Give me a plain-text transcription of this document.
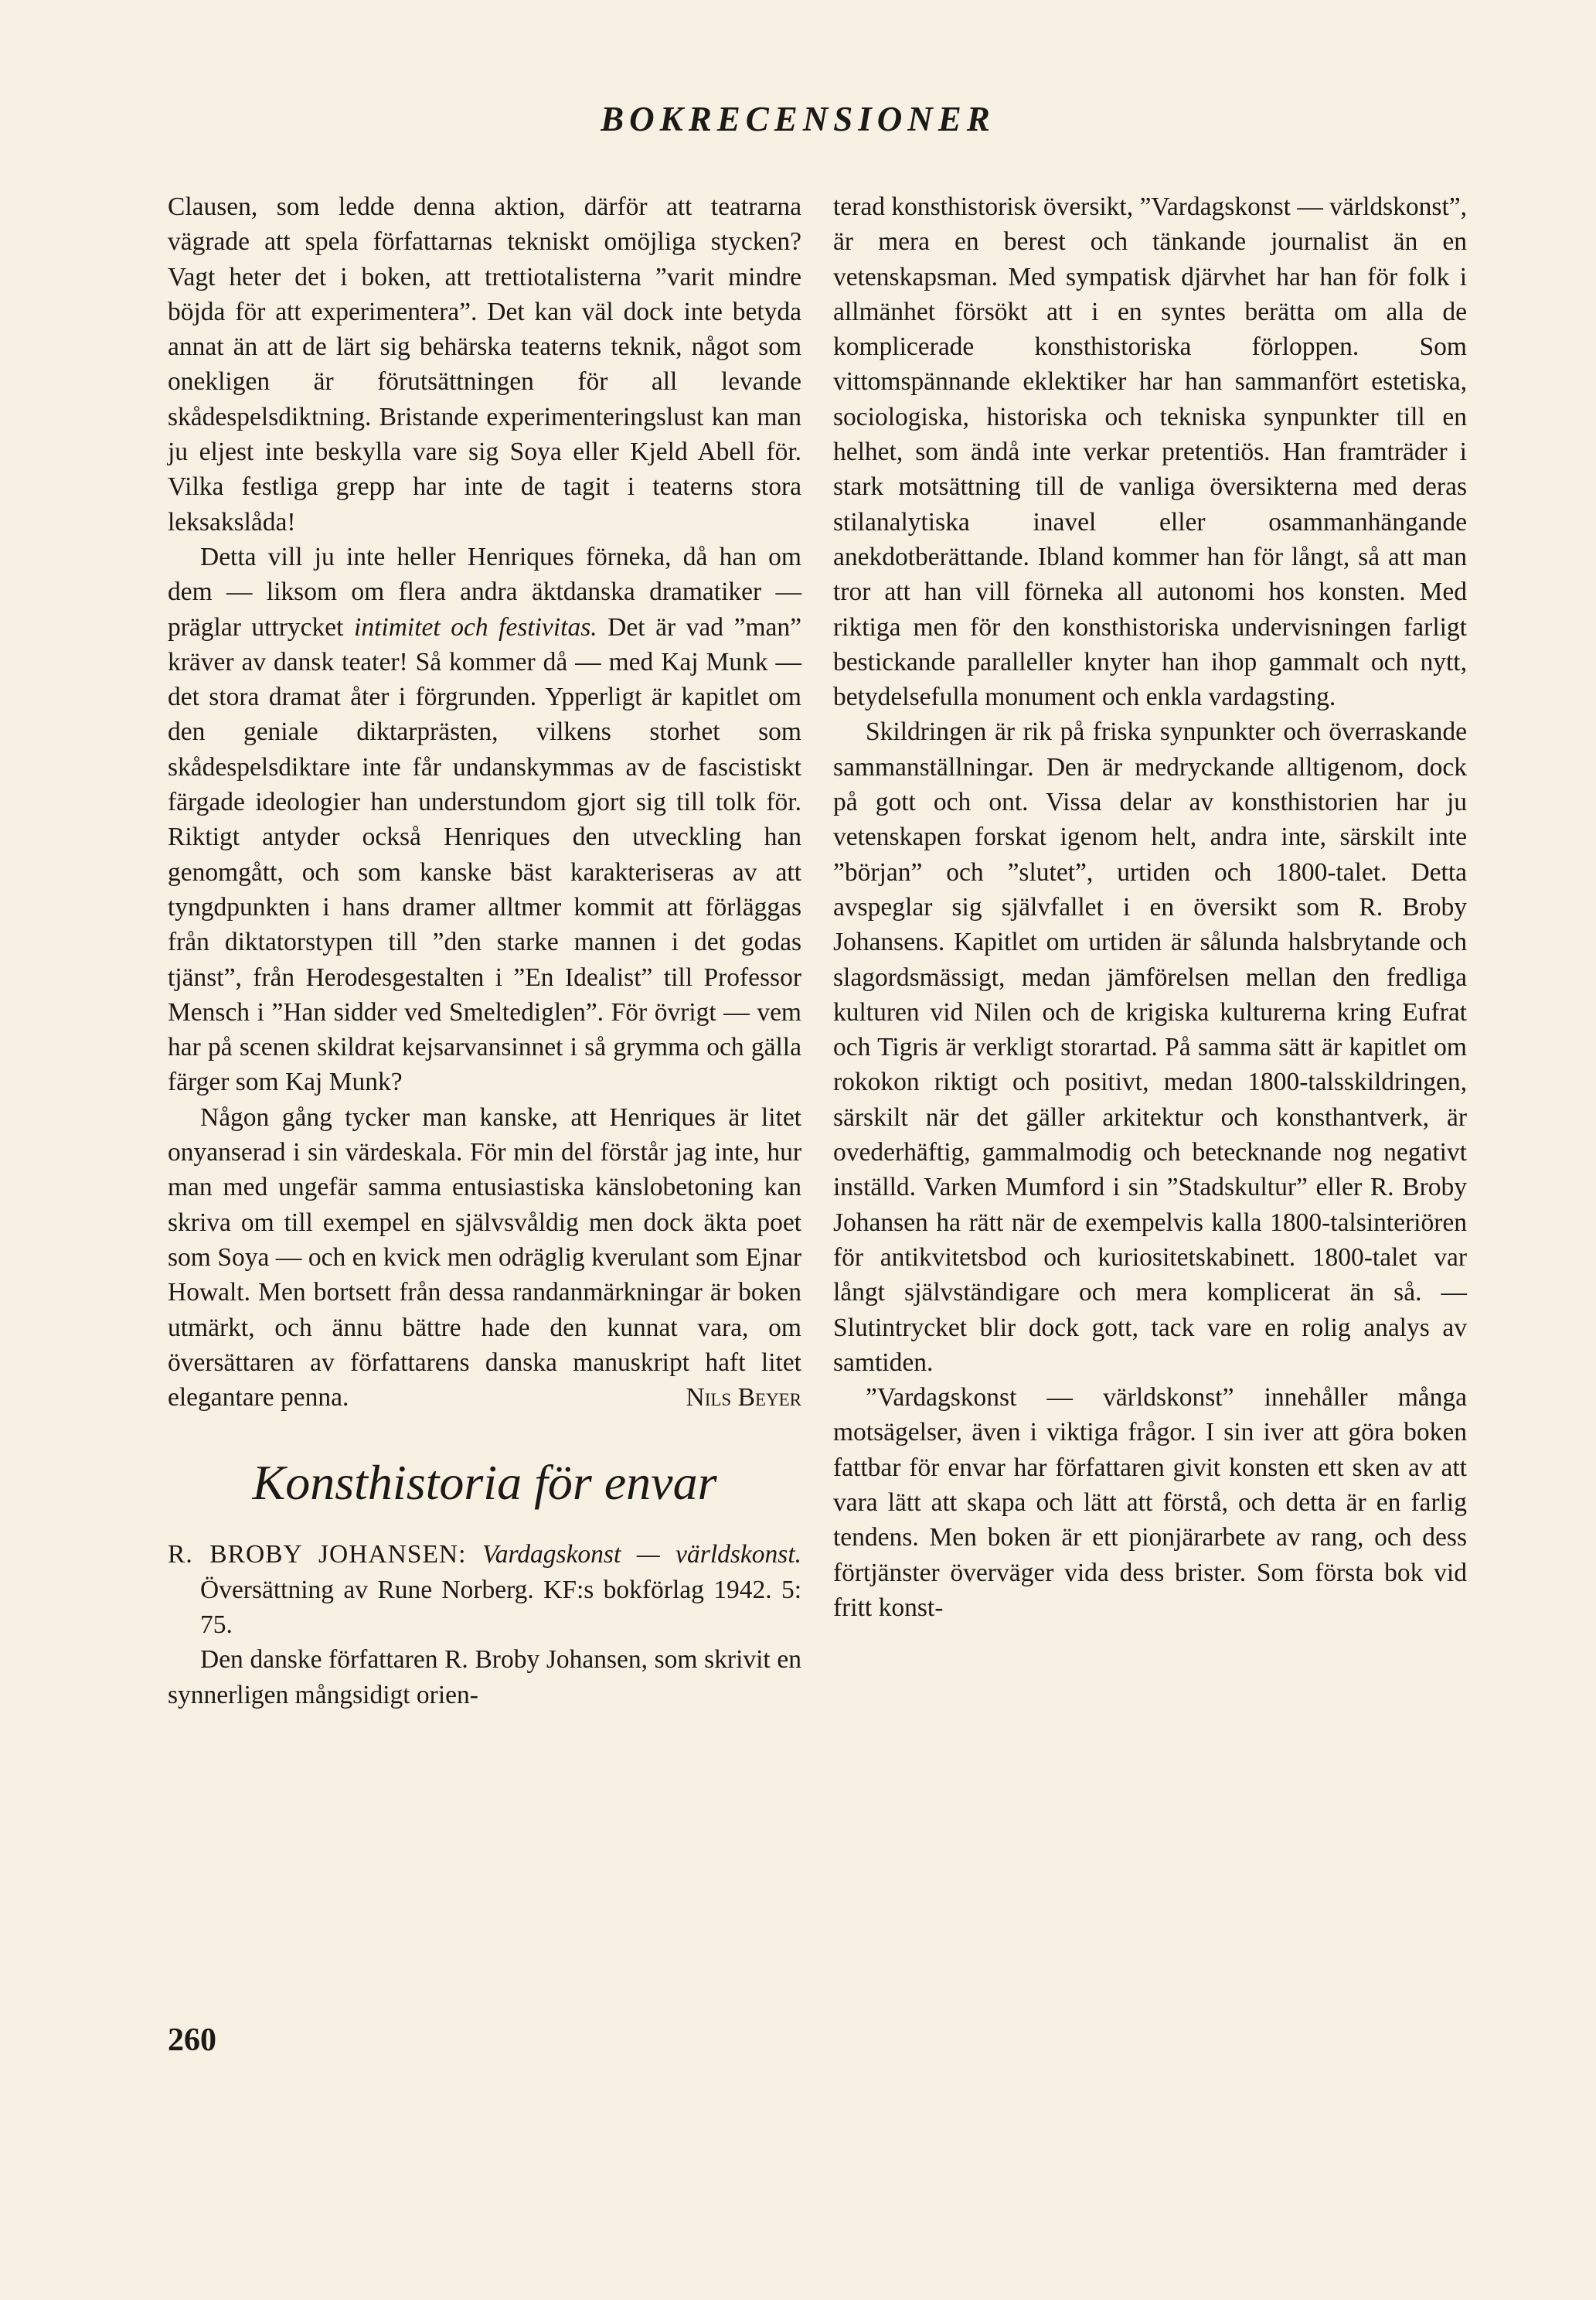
BOKRECENSIONER

Clausen, som ledde denna aktion, därför att teatrarna vägrade att spela författarnas tekniskt omöjliga stycken? Vagt heter det i boken, att trettiotalisterna ”varit mindre böjda för att experimentera”. Det kan väl dock inte betyda annat än att de lärt sig behärska teaterns teknik, något som onekligen är förutsättningen för all levande skådespelsdiktning. Bristande experimenteringslust kan man ju eljest inte beskylla vare sig Soya eller Kjeld Abell för. Vilka festliga grepp har inte de tagit i teaterns stora leksakslåda!

Detta vill ju inte heller Henriques förneka, då han om dem — liksom om flera andra äktdanska dramatiker — präglar uttrycket intimitet och festivitas. Det är vad ”man” kräver av dansk teater! Så kommer då — med Kaj Munk — det stora dramat åter i förgrunden. Ypperligt är kapitlet om den geniale diktarprästen, vilkens storhet som skådespelsdiktare inte får undanskymmas av de fascistiskt färgade ideologier han understundom gjort sig till tolk för. Riktigt antyder också Henriques den utveckling han genomgått, och som kanske bäst karakteriseras av att tyngdpunkten i hans dramer alltmer kommit att förläggas från diktatorstypen till ”den starke mannen i det godas tjänst”, från Herodesgestalten i ”En Idealist” till Professor Mensch i ”Han sidder ved Smeltediglen”. För övrigt — vem har på scenen skildrat kejsarvansinnet i så grymma och gälla färger som Kaj Munk?

Någon gång tycker man kanske, att Henriques är litet onyanserad i sin värdeskala. För min del förstår jag inte, hur man med ungefär samma entusiastiska känslobetoning kan skriva om till exempel en självsvåldig men dock äkta poet som Soya — och en kvick men odräglig kverulant som Ejnar Howalt. Men bortsett från dessa randanmärkningar är boken utmärkt, och ännu bättre hade den kunnat vara, om översättaren av författarens danska manuskript haft litet elegantare penna.	Nils Beyer
Konsthistoria för envar

R. BROBY JOHANSEN: Vardagskonst — världskonst. Översättning av Rune Norberg. KF:s bokförlag 1942. 5: 75.

Den danske författaren R. Broby Johansen, som skrivit en synnerligen mångsidigt orien-

terad konsthistorisk översikt, ”Vardagskonst — världskonst”, är mera en berest och tänkande journalist än en vetenskapsman. Med sympatisk djärvhet har han för folk i allmänhet försökt att i en syntes berätta om alla de komplicerade konsthistoriska förloppen. Som vittomspännande eklektiker har han sammanfört estetiska, sociologiska, historiska och tekniska synpunkter till en helhet, som ändå inte verkar pretentiös. Han framträder i stark motsättning till de vanliga översikterna med deras stilanalytiska inavel eller osammanhängande anekdotberättande. Ibland kommer han för långt, så att man tror att han vill förneka all autonomi hos konsten. Med riktiga men för den konsthistoriska undervisningen farligt bestickande paralleller knyter han ihop gammalt och nytt, betydelsefulla monument och enkla vardagsting.

Skildringen är rik på friska synpunkter och överraskande sammanställningar. Den är medryckande alltigenom, dock på gott och ont. Vissa delar av konsthistorien har ju vetenskapen forskat igenom helt, andra inte, särskilt inte ”början” och ”slutet”, urtiden och 1800-talet. Detta avspeglar sig självfallet i en översikt som R. Broby Johansens. Kapitlet om urtiden är sålunda halsbrytande och slagordsmässigt, medan jämförelsen mellan den fredliga kulturen vid Nilen och de krigiska kulturerna kring Eufrat och Tigris är verkligt storartad. På samma sätt är kapitlet om rokokon riktigt och positivt, medan 1800-talsskildringen, särskilt när det gäller arkitektur och konsthantverk, är ovederhäftig, gammalmodig och betecknande nog negativt inställd. Varken Mumford i sin ”Stadskultur” eller R. Broby Johansen ha rätt när de exempelvis kalla 1800-talsinteriören för antikvitetsbod och kuriositetskabinett. 1800-talet var långt självständigare och mera komplicerat än så. — Slutintrycket blir dock gott, tack vare en rolig analys av samtiden.

”Vardagskonst — världskonst” innehåller många motsägelser, även i viktiga frågor. I sin iver att göra boken fattbar för envar har författaren givit konsten ett sken av att vara lätt att skapa och lätt att förstå, och detta är en farlig tendens. Men boken är ett pionjärarbete av rang, och dess förtjänster överväger vida dess brister. Som första bok vid fritt konst-

260
